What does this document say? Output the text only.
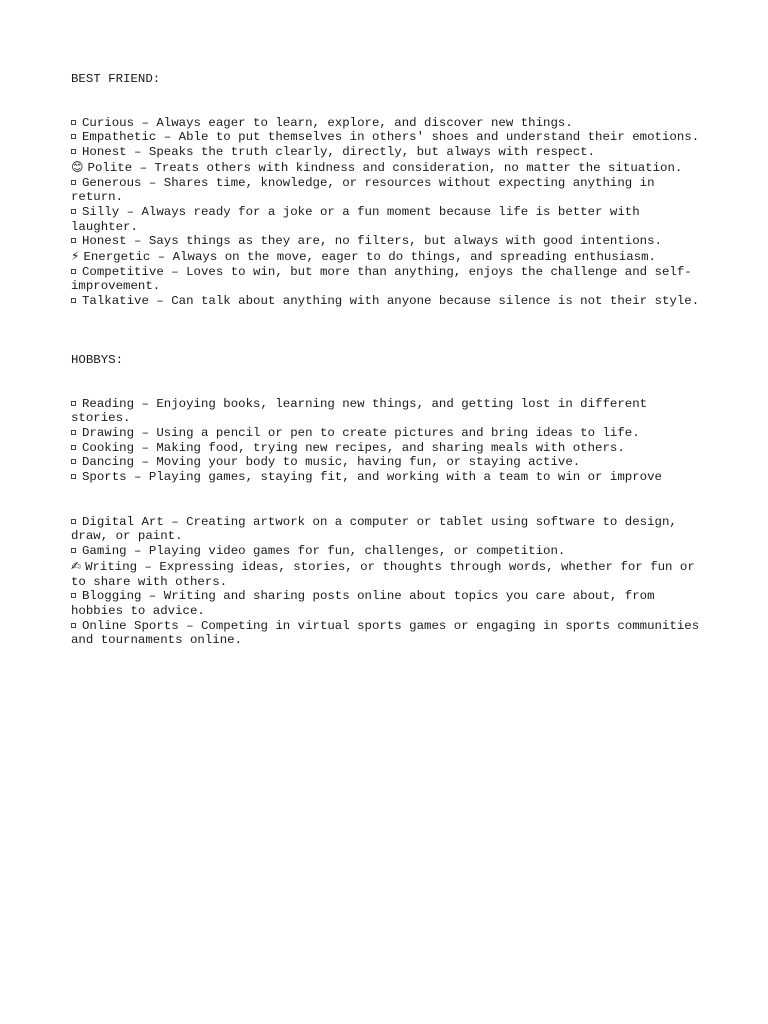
BEST FRIEND:

Curious – Always eager to learn, explore, and discover new things.
Empathetic – Able to put themselves in others' shoes and understand their emotions.
Honest – Speaks the truth clearly, directly, but always with respect.
😊 Polite – Treats others with kindness and consideration, no matter the situation.
Generous – Shares time, knowledge, or resources without expecting anything in return.
Silly – Always ready for a joke or a fun moment because life is better with laughter.
Honest – Says things as they are, no filters, but always with good intentions.
⚡ Energetic – Always on the move, eager to do things, and spreading enthusiasm.
Competitive – Loves to win, but more than anything, enjoys the challenge and self-improvement.
Talkative – Can talk about anything with anyone because silence is not their style.

HOBBYS:

Reading – Enjoying books, learning new things, and getting lost in different stories.
Drawing – Using a pencil or pen to create pictures and bring ideas to life.
Cooking – Making food, trying new recipes, and sharing meals with others.
Dancing – Moving your body to music, having fun, or staying active.
Sports – Playing games, staying fit, and working with a team to win or improve
Digital Art – Creating artwork on a computer or tablet using software to design, draw, or paint.
Gaming – Playing video games for fun, challenges, or competition.
✍ Writing – Expressing ideas, stories, or thoughts through words, whether for fun or to share with others.
Blogging – Writing and sharing posts online about topics you care about, from hobbies to advice.
Online Sports – Competing in virtual sports games or engaging in sports communities and tournaments online.
